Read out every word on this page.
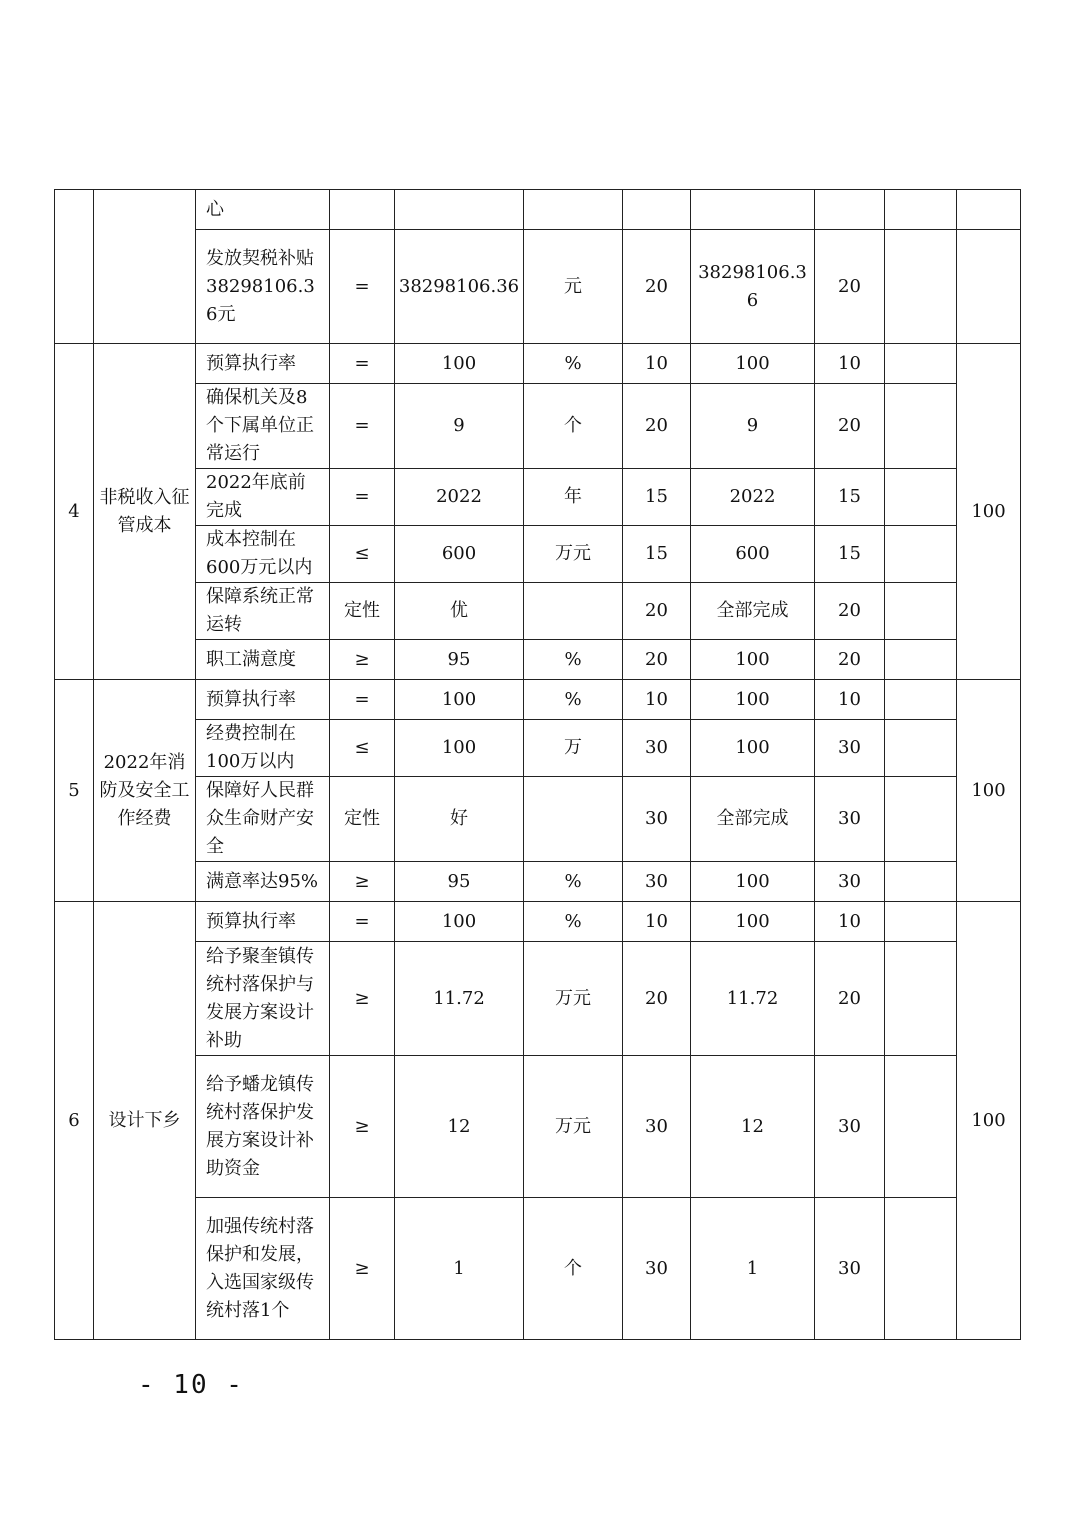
		心								
		发放契税补贴38298106.36元	=	38298106.36	元	20	38298106.36	20		
4	非税收入征管成本	预算执行率	=	100	%	10	100	10		100
		确保机关及8个下属单位正常运行	=	9	个	20	9	20		
		2022年底前完成	=	2022	年	15	2022	15		
		成本控制在600万元以内	≤	600	万元	15	600	15		
		保障系统正常运转	定性	优		20	全部完成	20		
		职工满意度	≥	95	%	20	100	20		
5	2022年消防及安全工作经费	预算执行率	=	100	%	10	100	10		100
		经费控制在100万以内	≤	100	万	30	100	30		
		保障好人民群众生命财产安全	定性	好		30	全部完成	30		
		满意率达95%	≥	95	%	30	100	30		
6	设计下乡	预算执行率	=	100	%	10	100	10		100
		给予聚奎镇传统村落保护与发展方案设计补助	≥	11.72	万元	20	11.72	20		
		给予蟠龙镇传统村落保护发展方案设计补助资金	≥	12	万元	30	12	30		
		加强传统村落保护和发展，入选国家级传统村落1个	≥	1	个	30	1	30		
- 10 -
